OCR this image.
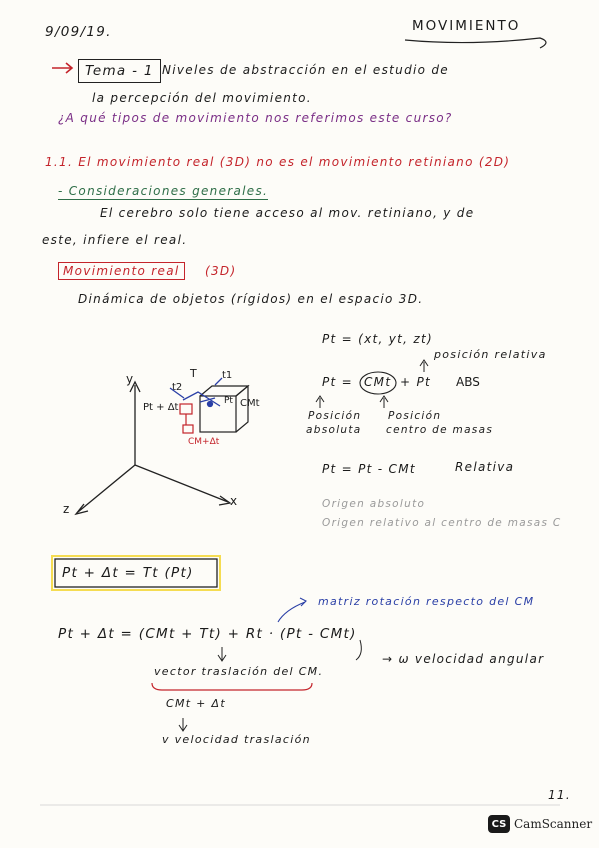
9/09/19.	MOVIMIENTO
Tema - 1 Niveles de abstracción en el estudio de
la percepción del movimiento.
¿A qué tipos de movimiento nos referimos este curso?
1.1. El movimiento real (3D) no es el movimiento retiniano (2D)
- Consideraciones generales.
El cerebro solo tiene acceso al mov. retiniano, y de
este, infiere el real.
Movimiento real	(3D)
Dinámica de objetos (rígidos) en el espacio 3D.
y
x
z
T	t1
t2
Pt
Pt + Δt	CMt
CM+Δt
Pt = (xt, yt, zt)
posición relativa
Pt = CMt + Pt ABS
Posición
absoluta
Posición
centro de masas
Pt = Pt - CMt	Relativa
Origen absoluto
Origen relativo al centro de masas C
Pt + Δt = Tt (Pt)
matriz rotación respecto del CM
Pt + Δt = (CMt + Tt) + Rt · (Pt - CMt)
→ ω velocidad angular
vector traslación del CM.
CMt + Δt
v velocidad traslación
11.
CS CamScanner
